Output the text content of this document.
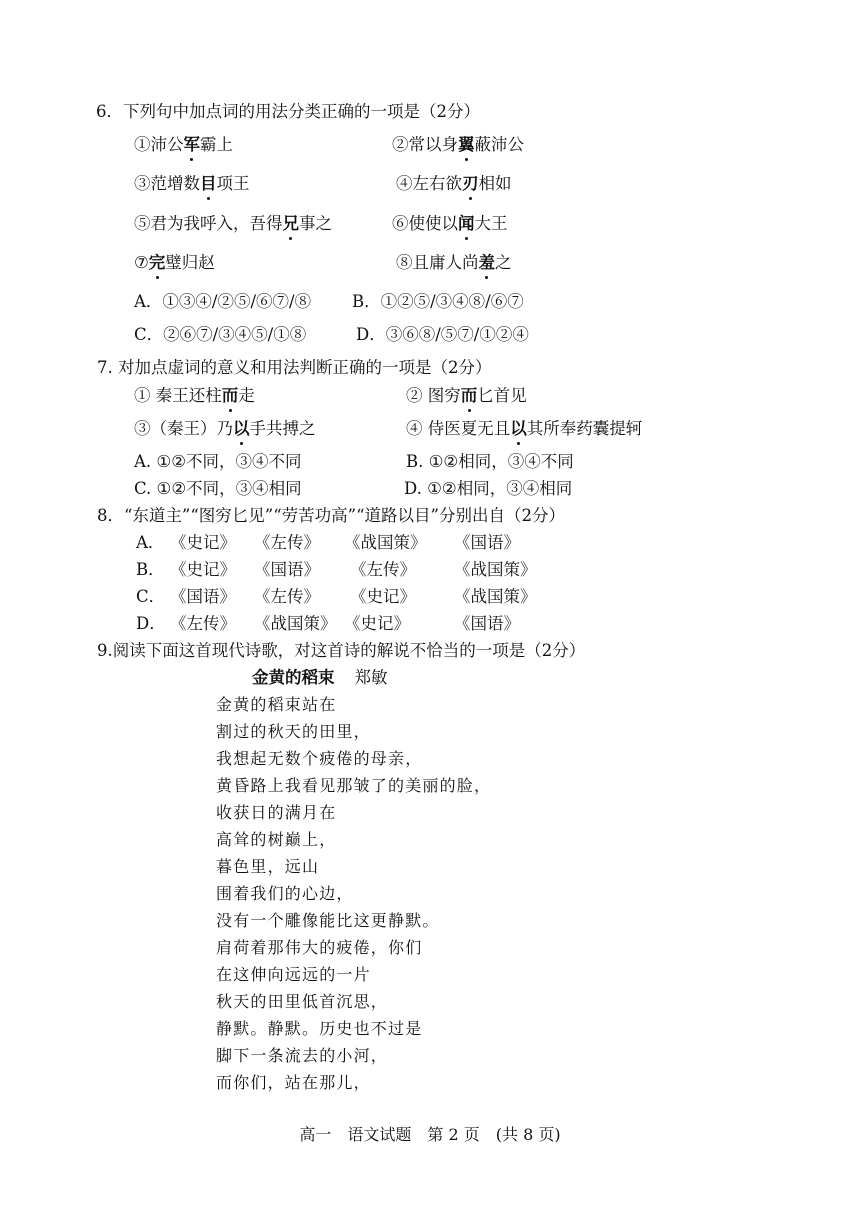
6．下列句中加点词的用法分类正确的一项是（2分）
①沛公军霸上	②常以身翼蔽沛公
③范增数目项王	④左右欲刃相如
⑤君为我呼入，吾得兄事之	⑥使使以闻大王
⑦完璧归赵	⑧且庸人尚羞之
A．①③④/②⑤/⑥⑦/⑧ B．①②⑤/③④⑧/⑥⑦
C．②⑥⑦/③④⑤/①⑧	D．③⑥⑧/⑤⑦/①②④
7. 对加点虚词的意义和用法判断正确的一项是（2分）
① 秦王还柱而走	② 图穷而匕首见
③（秦王）乃以手共搏之	④ 侍医夏无且以其所奉药囊提轲
A. ①②不同，③④不同	B. ①②相同，③④不同
C. ①②不同，③④相同	D. ①②相同，③④相同
8．“东道主”“图穷匕见”“劳苦功高”“道路以目”分别出自（2分）
A． 《史记》 《左传》 《战国策》 《国语》
B． 《史记》 《国语》 《左传》 《战国策》
C． 《国语》 《左传》 《史记》 《战国策》
D． 《左传》 《战国策》 《史记》	《国语》
9.阅读下面这首现代诗歌，对这首诗的解说不恰当的一项是（2分）
金黄的稻束 郑敏
金黄的稻束站在
割过的秋天的田里，
我想起无数个疲倦的母亲，
黄昏路上我看见那皱了的美丽的脸，
收获日的满月在
高耸的树巅上，
暮色里，远山
围着我们的心边，
没有一个雕像能比这更静默。
肩荷着那伟大的疲倦，你们
在这伸向远远的一片
秋天的田里低首沉思，
静默。静默。历史也不过是
脚下一条流去的小河，
而你们，站在那儿，
高一　语文试题　第 2 页　(共 8 页)
